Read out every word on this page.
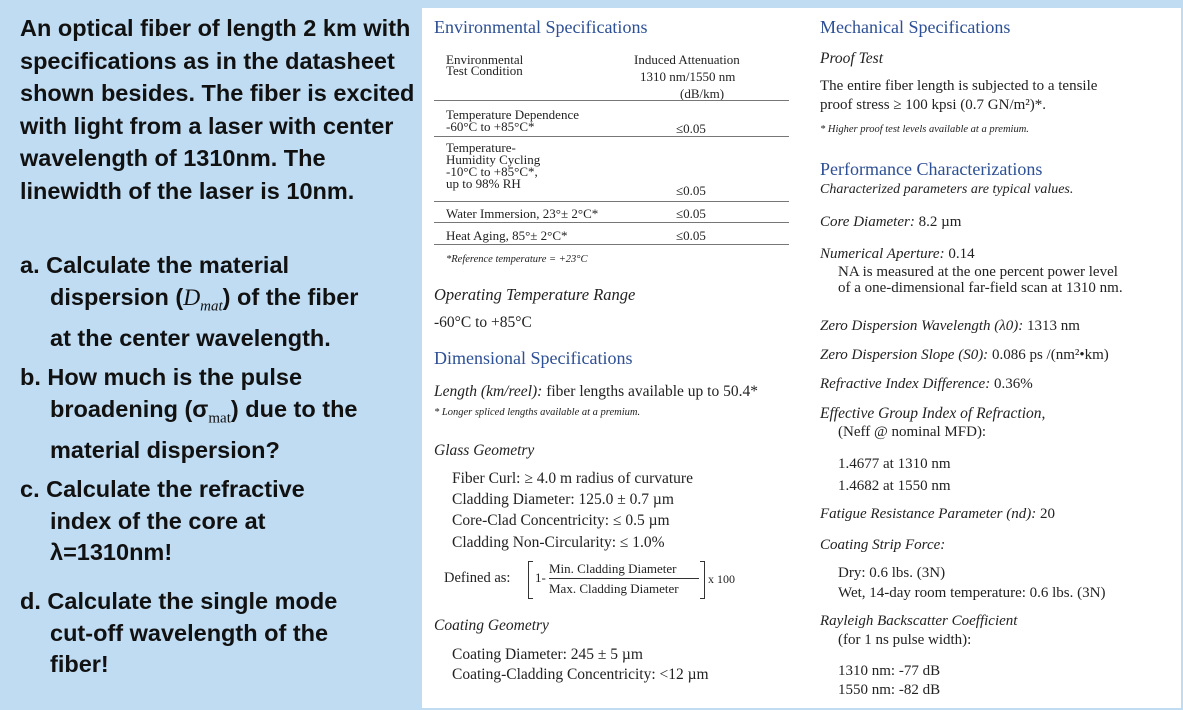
An optical fiber of length 2 km with specifications as in the datasheet shown besides. The fiber is excited with light from a laser with center wavelength of 1310nm. The linewidth of the laser is 10nm.
a. Calculate the material
dispersion $(D_{mat})$ of the fiber
at the center wavelength.
b. How much is the pulse
broadening $(\sigma_{mat})$ due to the
material dispersion?
c. Calculate the refractive
index of the core at
λ=1310nm!
d. Calculate the single mode
cut-off wavelength of the
fiber!
Environmental Specifications
Environmental
Test Condition
Induced Attenuation
1310 nm/1550 nm
(dB/km)
Temperature Dependence
-60°C to +85°C*	≤0.05
Temperature-
Humidity Cycling
-10°C to +85°C*,
up to 98% RH	≤0.05
Water Immersion, 23°± 2°C*	≤0.05
Heat Aging, 85°± 2°C*	≤0.05
*Reference temperature = +23°C
Operating Temperature Range
-60°C to +85°C
Dimensional Specifications
Length (km/reel): fiber lengths available up to 50.4*
* Longer spliced lengths available at a premium.
Glass Geometry
Fiber Curl: ≥ 4.0 m radius of curvature
Cladding Diameter: 125.0 ± 0.7 µm
Core-Clad Concentricity: ≤ 0.5 µm
Cladding Non-Circularity: ≤ 1.0%
Defined as: 1-
Min. Cladding Diameter
Max. Cladding Diameter
x 100
Coating Geometry
Coating Diameter: 245 ± 5 µm
Coating-Cladding Concentricity: <12 µm
Mechanical Specifications
Proof Test
The entire fiber length is subjected to a tensile
proof stress ≥ 100 kpsi (0.7 GN/m²)*.
* Higher proof test levels available at a premium.
Performance Characterizations
Characterized parameters are typical values.
Core Diameter: 8.2 µm
Numerical Aperture: 0.14
NA is measured at the one percent power level
of a one-dimensional far-field scan at 1310 nm.
Zero Dispersion Wavelength (λ0): 1313 nm
Zero Dispersion Slope (S0): 0.086 ps /(nm²•km)
Refractive Index Difference: 0.36%
Effective Group Index of Refraction,
(Neff @ nominal MFD):
1.4677 at 1310 nm
1.4682 at 1550 nm
Fatigue Resistance Parameter (nd): 20
Coating Strip Force:
Dry: 0.6 lbs. (3N)
Wet, 14-day room temperature: 0.6 lbs. (3N)
Rayleigh Backscatter Coefficient
(for 1 ns pulse width):
1310 nm: -77 dB
1550 nm: -82 dB
